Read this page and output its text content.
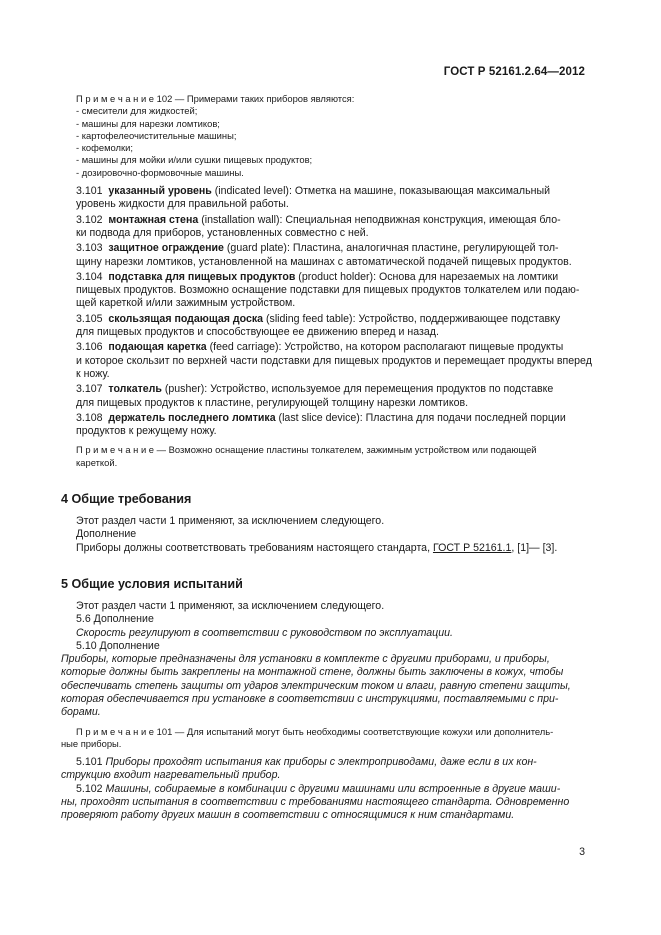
ГОСТ Р 52161.2.64—2012
П р и м е ч а н и е 102 — Примерами таких приборов являются:
- смесители для жидкостей;
- машины для нарезки ломтиков;
- картофелеочистительные машины;
- кофемолки;
- машины для мойки и/или сушки пищевых продуктов;
- дозировочно-формовочные машины.
3.101 указанный уровень (indicated level): Отметка на машине, показывающая максимальный
уровень жидкости для правильной работы.
3.102 монтажная стена (installation wall): Специальная неподвижная конструкция, имеющая бло-
ки подвода для приборов, установленных совместно с ней.
3.103 защитное ограждение (guard plate): Пластина, аналогичная пластине, регулирующей тол-
щину нарезки ломтиков, установленной на машинах с автоматической подачей пищевых продуктов.
3.104 подставка для пищевых продуктов (product holder): Основа для нарезаемых на ломтики
пищевых продуктов. Возможно оснащение подставки для пищевых продуктов толкателем или подаю-
щей кареткой и/или зажимным устройством.
3.105 скользящая подающая доска (sliding feed table): Устройство, поддерживающее подставку
для пищевых продуктов и способствующее ее движению вперед и назад.
3.106 подающая каретка (feed carriage): Устройство, на котором располагают пищевые продукты
и которое скользит по верхней части подставки для пищевых продуктов и перемещает продукты вперед
к ножу.
3.107 толкатель (pusher): Устройство, используемое для перемещения продуктов по подставке
для пищевых продуктов к пластине, регулирующей толщину нарезки ломтиков.
3.108 держатель последнего ломтика (last slice device): Пластина для подачи последней порции
продуктов к режущему ножу.
П р и м е ч а н и е — Возможно оснащение пластины толкателем, зажимным устройством или подающей
кареткой.
4 Общие требования
Этот раздел части 1 применяют, за исключением следующего.
Дополнение
Приборы должны соответствовать требованиям настоящего стандарта, ГОСТ Р 52161.1, [1]— [3].
5 Общие условия испытаний
Этот раздел части 1 применяют, за исключением следующего.
5.6 Дополнение
Скорость регулируют в соответствии с руководством по эксплуатации.
5.10 Дополнение
Приборы, которые предназначены для установки в комплекте с другими приборами, и приборы,
которые должны быть закреплены на монтажной стене, должны быть заключены в кожух, чтобы
обеспечивать степень защиты от ударов электрическим током и влаги, равную степени защиты,
которая обеспечивается при установке в соответствии с инструкциями, поставляемыми с при-
борами.
П р и м е ч а н и е 101 — Для испытаний могут быть необходимы соответствующие кожухи или дополнитель-
ные приборы.
5.101 Приборы проходят испытания как приборы с электроприводами, даже если в их кон-
струкцию входит нагревательный прибор.
5.102 Машины, собираемые в комбинации с другими машинами или встроенные в другие маши-
ны, проходят испытания в соответствии с требованиями настоящего стандарта. Одновременно
проверяют работу других машин в соответствии с относящимися к ним стандартами.
3
